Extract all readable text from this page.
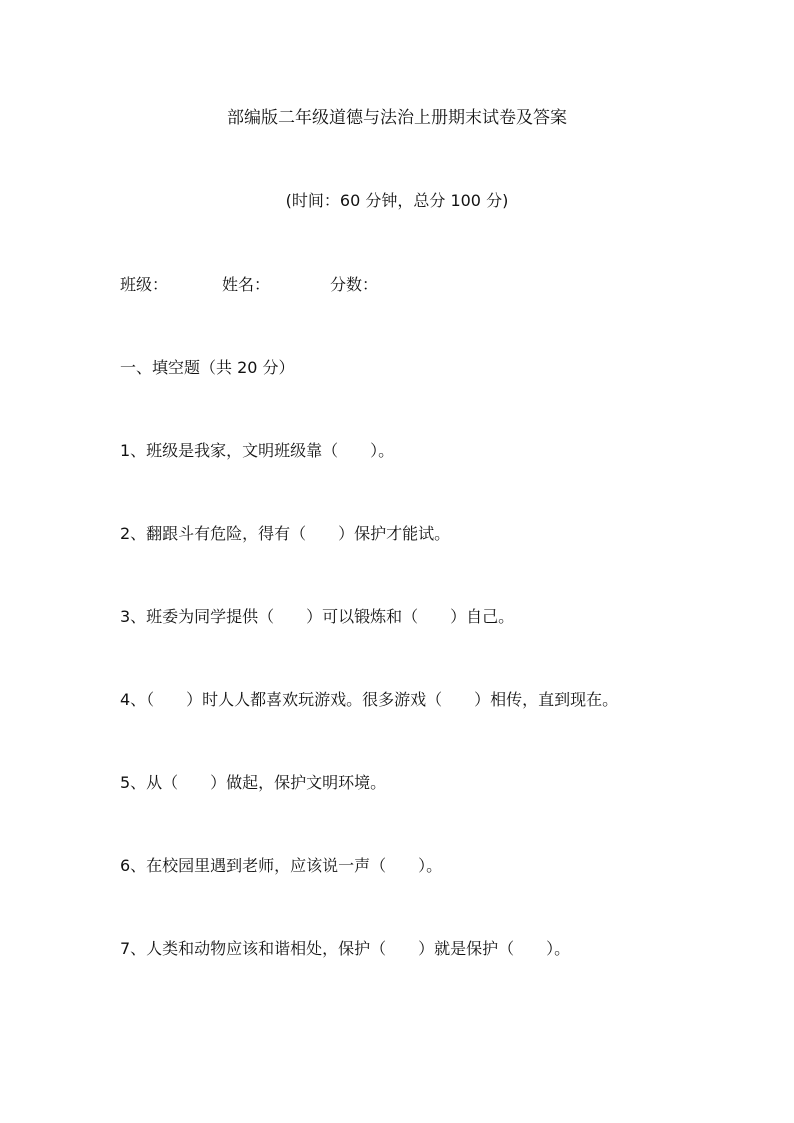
部编版二年级道德与法治上册期末试卷及答案
(时间：60 分钟，总分 100 分)
班级：	姓名：	分数：
一、填空题（共 20 分）
1、班级是我家，文明班级靠（　　）。
2、翻跟斗有危险，得有（　　）保护才能试。
3、班委为同学提供（　　）可以锻炼和（　　）自己。
4、（　　）时人人都喜欢玩游戏。很多游戏（　　）相传，直到现在。
5、从（　　）做起，保护文明环境。
6、在校园里遇到老师，应该说一声（　　）。
7、人类和动物应该和谐相处，保护（　　）就是保护（　　）。
